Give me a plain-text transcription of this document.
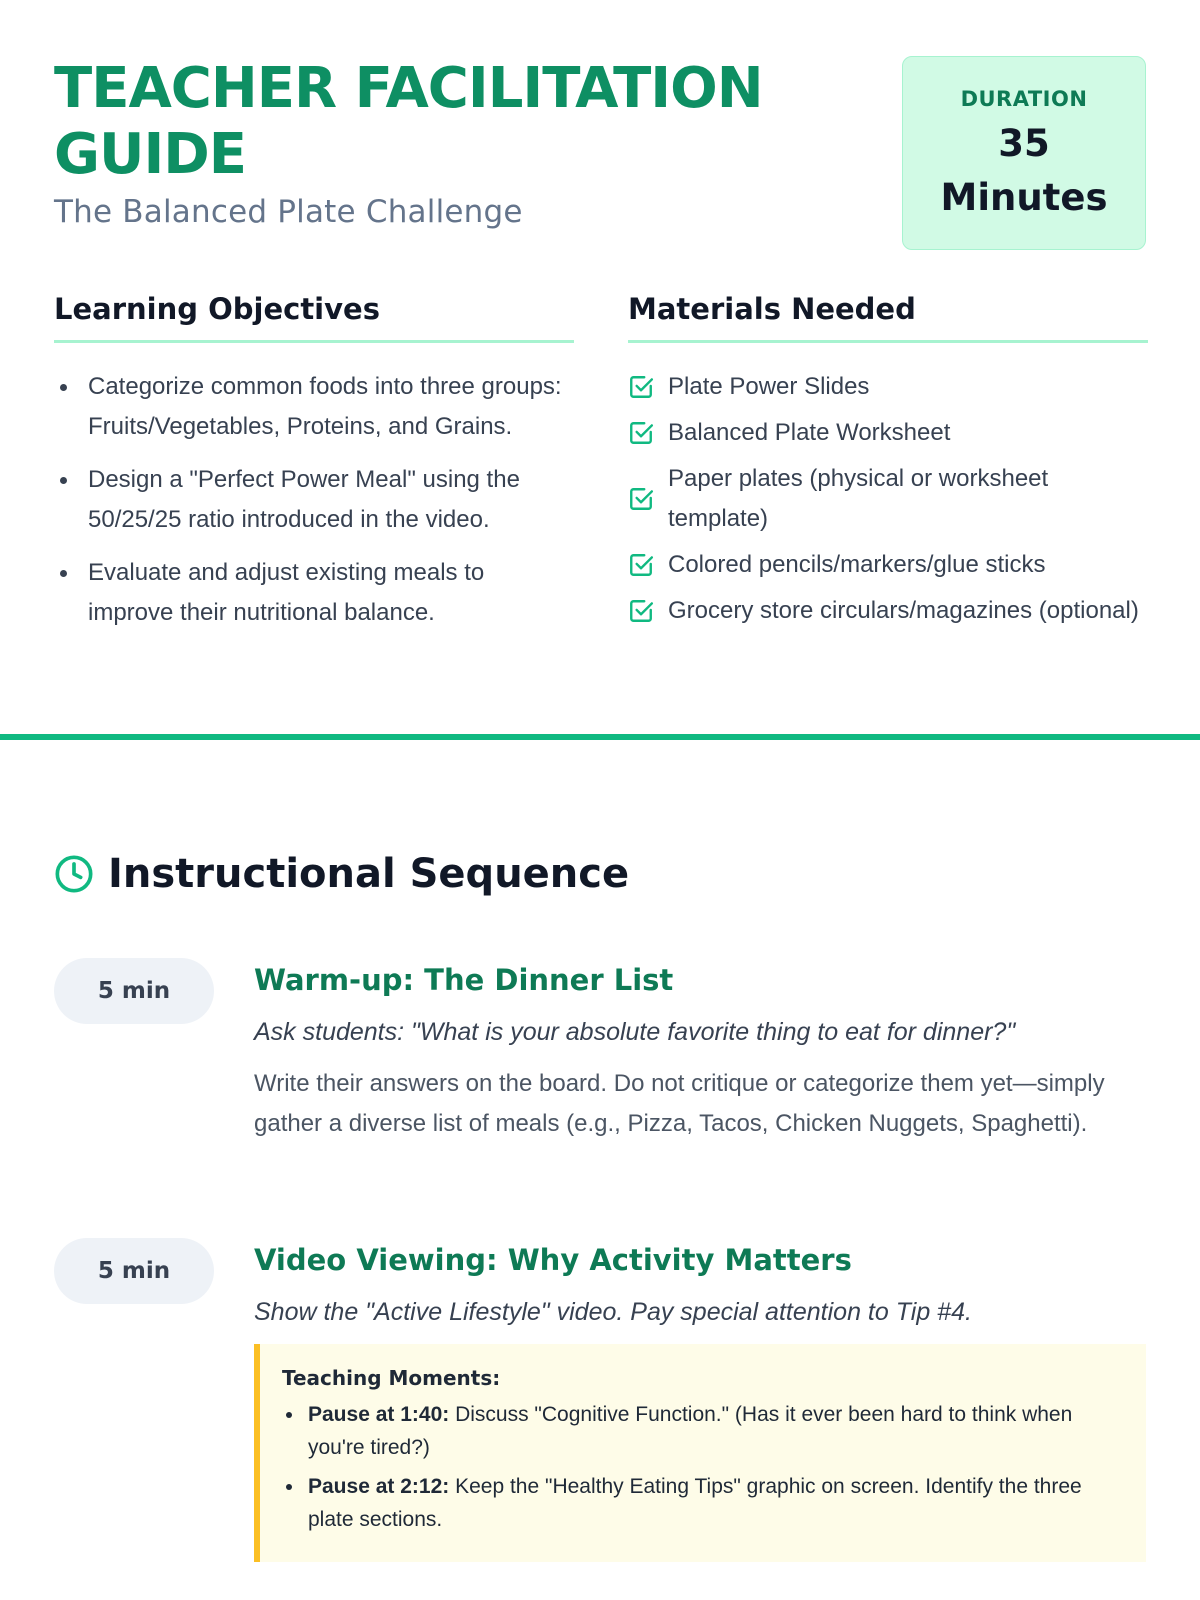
TEACHER FACILITATION GUIDE
The Balanced Plate Challenge
DURATION
35
Minutes
Learning Objectives
Categorize common foods into three groups: Fruits/Vegetables, Proteins, and Grains.
Design a "Perfect Power Meal" using the 50/25/25 ratio introduced in the video.
Evaluate and adjust existing meals to improve their nutritional balance.
Materials Needed
Plate Power Slides
Balanced Plate Worksheet
Paper plates (physical or worksheet template)
Colored pencils/markers/glue sticks
Grocery store circulars/magazines (optional)
Instructional Sequence
5 min	Warm-up: The Dinner List

Ask students: "What is your absolute favorite thing to eat for dinner?"

Write their answers on the board. Do not critique or categorize them yet—simply gather a diverse list of meals (e.g., Pizza, Tacos, Chicken Nuggets, Spaghetti).

5 min	Video Viewing: Why Activity Matters

Show the "Active Lifestyle" video. Pay special attention to Tip #4.

Teaching Moments:
Pause at 1:40: Discuss "Cognitive Function." (Has it ever been hard to think when you're tired?)
Pause at 2:12: Keep the "Healthy Eating Tips" graphic on screen. Identify the three plate sections.
